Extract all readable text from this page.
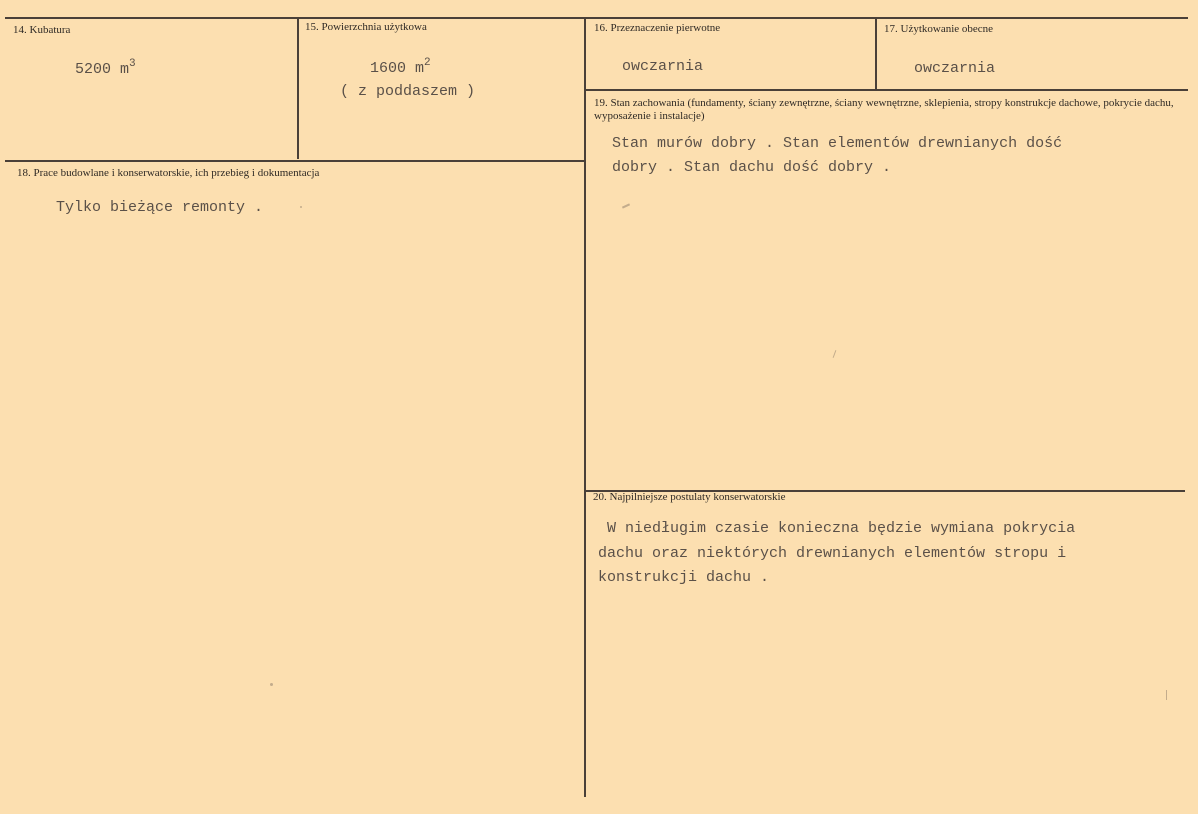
14. Kubatura
5200 $m^3$
15. Powierzchnia użytkowa
1600 $m^2$
( z poddaszem )
16. Przeznaczenie pierwotne
owczarnia
17. Użytkowanie obecne
owczarnia
18. Prace budowlane i konserwatorskie, ich przebieg i dokumentacja
Tylko bieżące remonty .
19. Stan zachowania (fundamenty, ściany zewnętrzne, ściany wewnętrzne, sklepienia, stropy konstrukcje dachowe, pokrycie dachu, wyposażenie i instalacje)
Stan murów dobry . Stan elementów drewnianych dość
dobry . Stan dachu dość dobry .
20. Najpilniejsze postulaty konserwatorskie
W niedługim czasie konieczna będzie wymiana pokrycia
dachu oraz niektórych drewnianych elementów stropu i
konstrukcji dachu .
